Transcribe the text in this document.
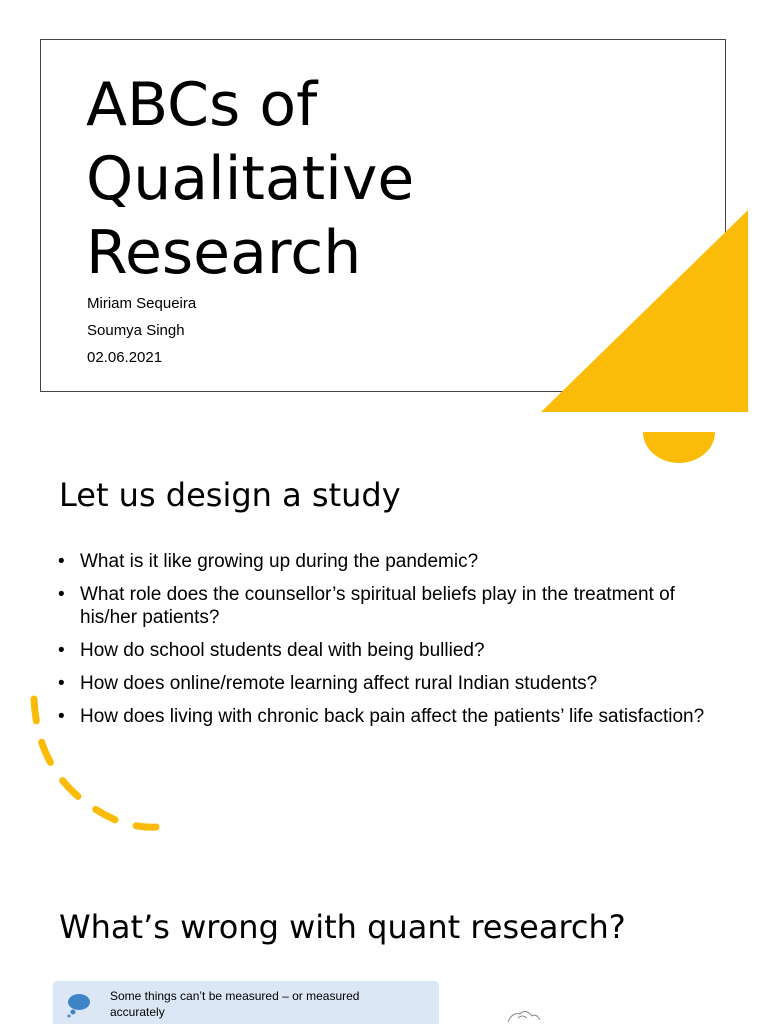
ABCs of
Qualitative
Research
Miriam Sequeira
Soumya Singh
02.06.2021
Let us design a study
• What is it like growing up during the pandemic?
• What role does the counsellor’s spiritual beliefs play in the treatment of his/her patients?
• How do school students deal with being bullied?
• How does online/remote learning affect rural Indian students?
• How does living with chronic back pain affect the patients’ life satisfaction?
What’s wrong with quant research?
Some things can’t be measured – or measured accurately
